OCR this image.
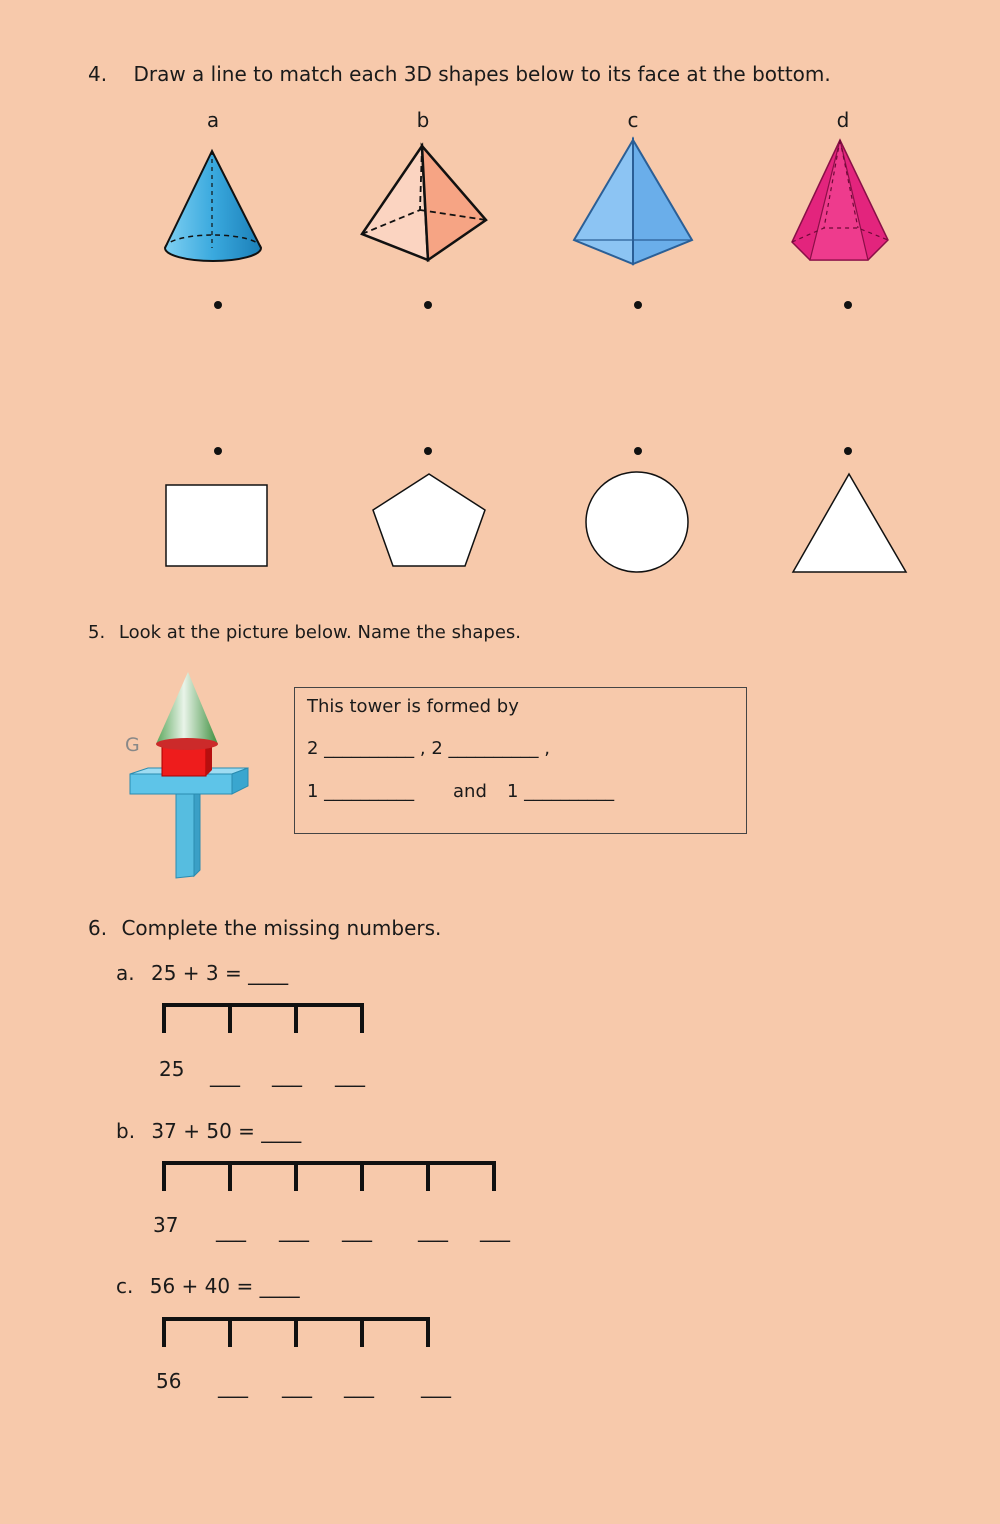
4. Draw a line to match each 3D shapes below to its face at the bottom.
a	b	c	d
5. Look at the picture below. Name the shapes.
G
This tower is formed by
2 __________ , 2 __________ ,
1 __________ and 1 __________
6. Complete the missing numbers.
a. 25 + 3 = ____
25 ___ ___ ___
b. 37 + 50 = ____
37 ___ ___ ___ ___ ___
c. 56 + 40 = ____
56 ___ ___ ___ ___
